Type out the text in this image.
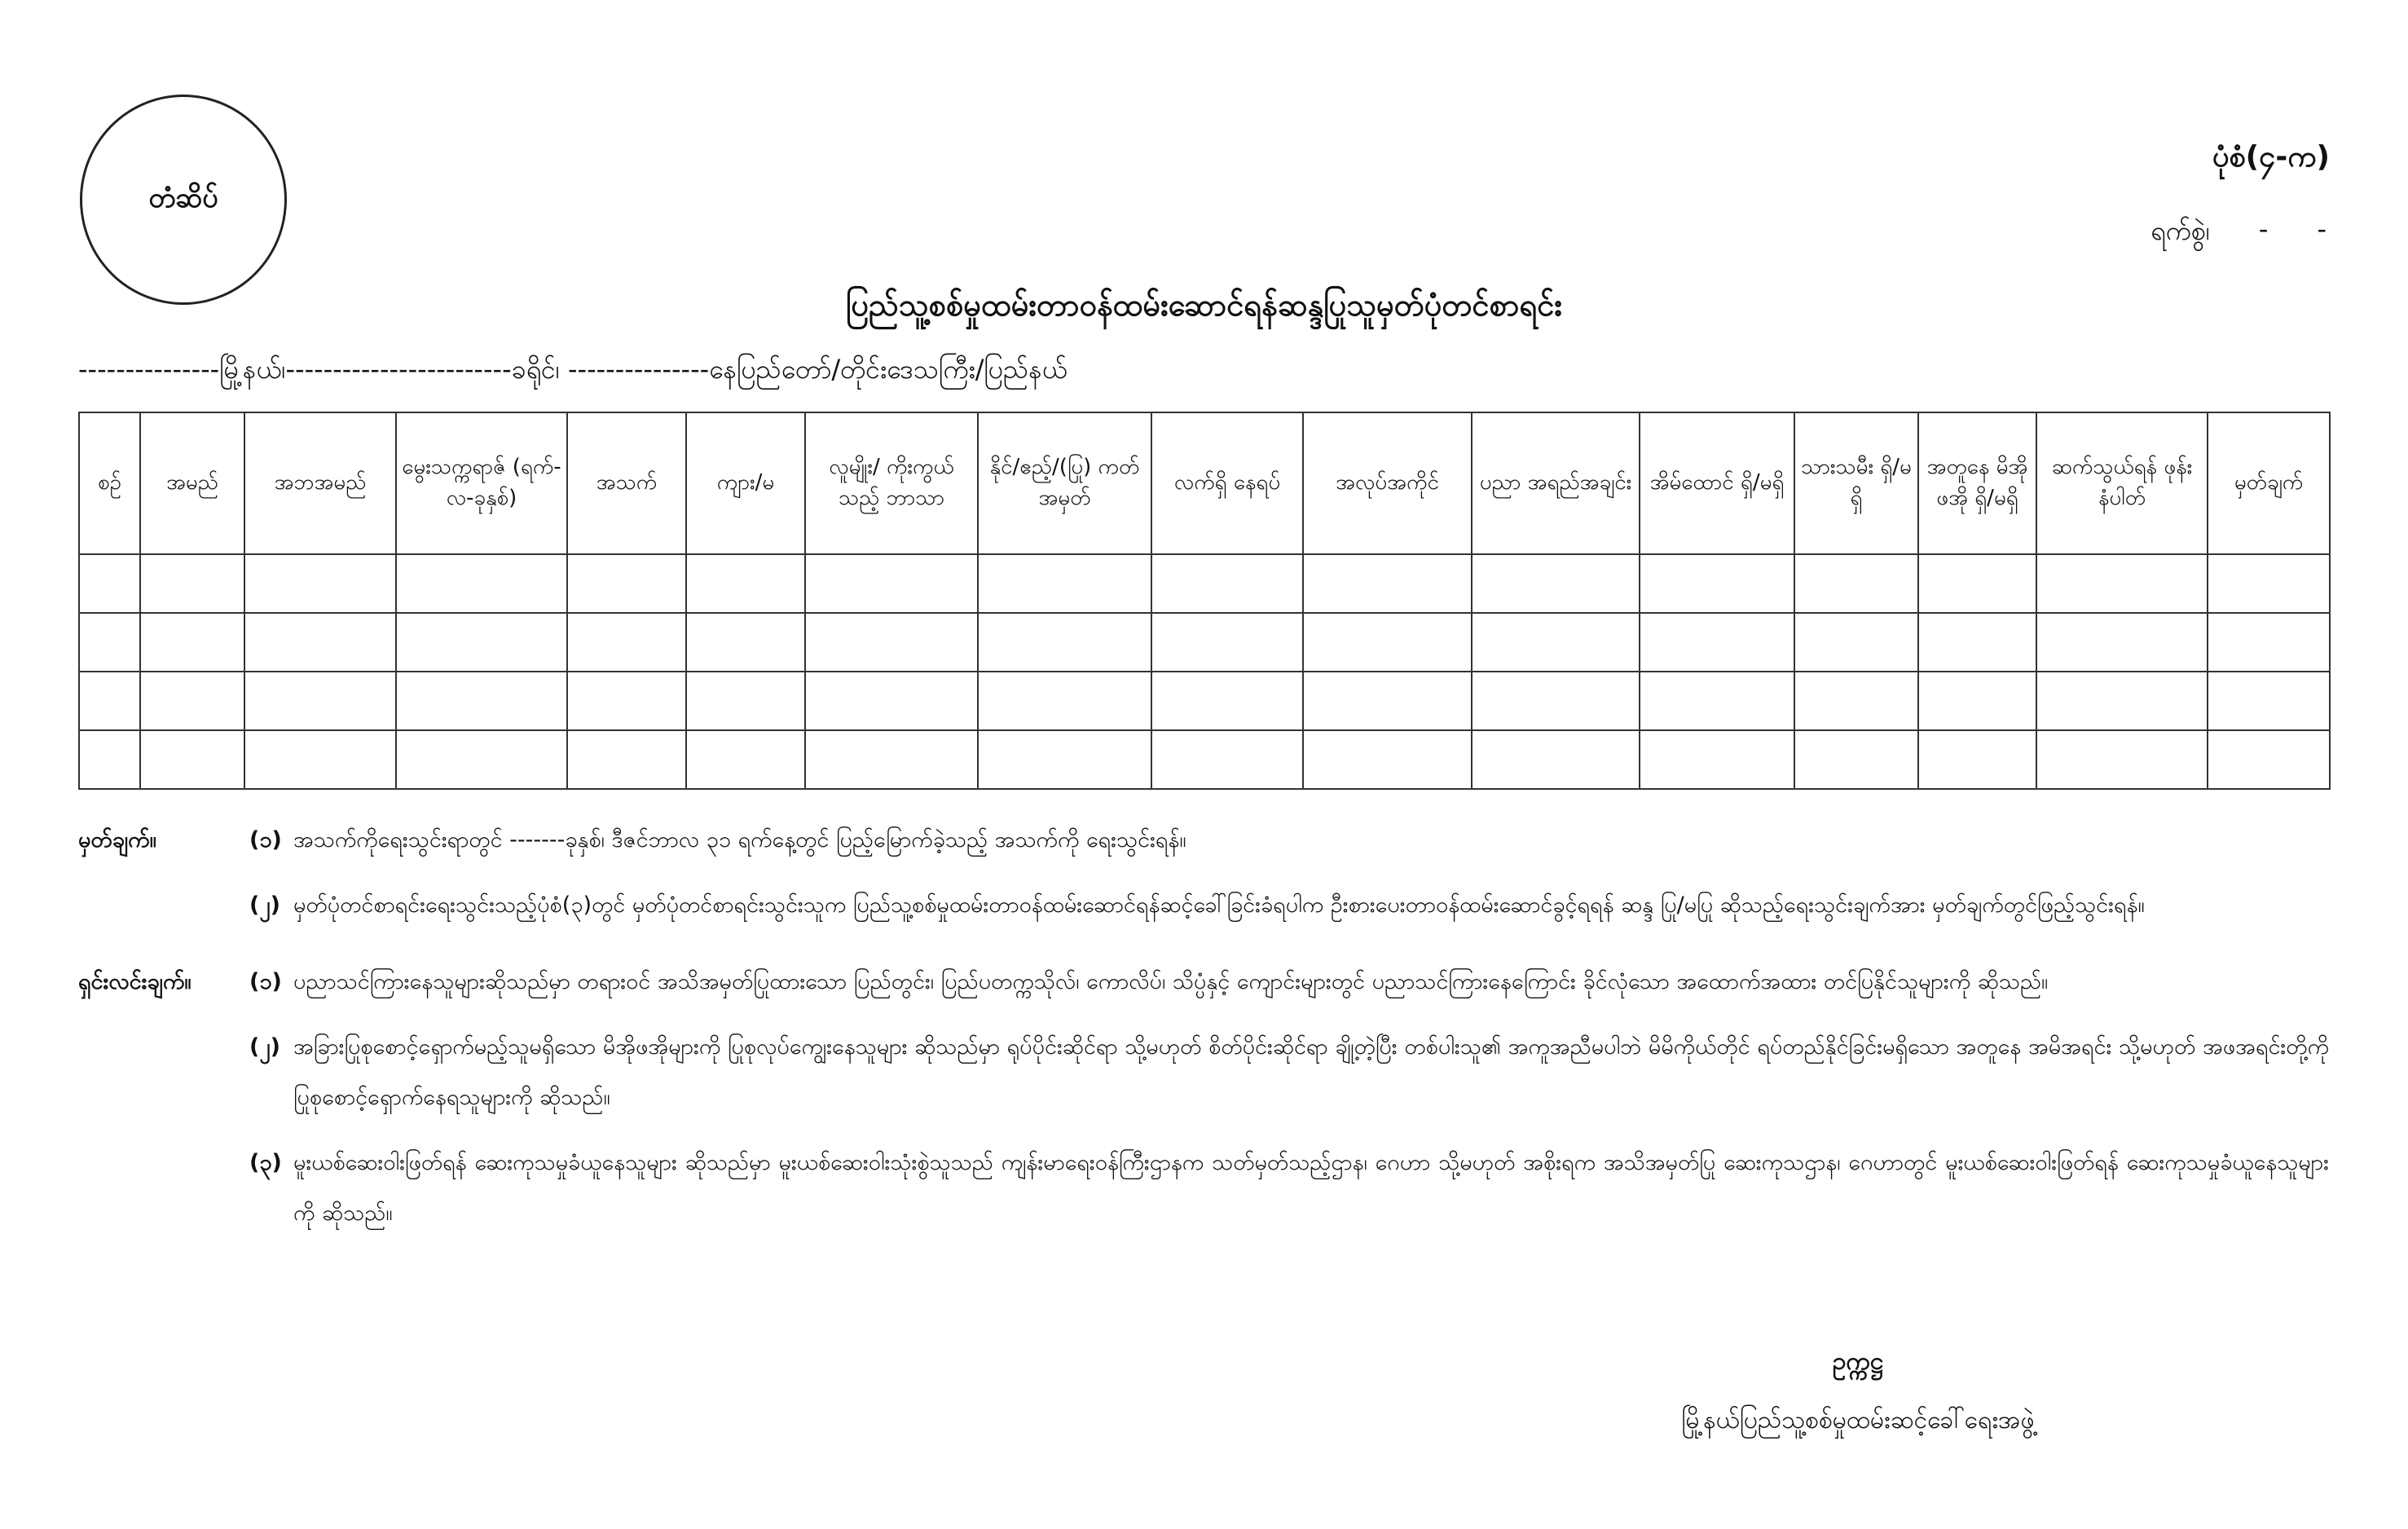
တံဆိပ်
ပုံစံ(၄-က)
ရက်စွဲ၊ - -
ပြည်သူ့စစ်မှုထမ်းတာဝန်ထမ်းဆောင်ရန်ဆန္ဒပြုသူမှတ်ပုံတင်စာရင်း
---------------မြို့နယ်၊------------------------ခရိုင်၊ ---------------နေပြည်တော်/တိုင်းဒေသကြီး/ပြည်နယ်
စဉ်	အမည်	အဘအမည်	မွေးသက္ကရာဇ် (ရက်-လ-ခုနှစ်)	အသက်	ကျား/မ	လူမျိုး/ ကိုးကွယ်သည့် ဘာသာ	နိုင်/ဧည့်/(ပြု) ကတ်အမှတ်	လက်ရှိ နေရပ်	အလုပ်အကိုင်	ပညာ အရည်အချင်း	အိမ်ထောင် ရှိ/မရှိ	သားသမီး ရှိ/မရှိ	အတူနေ မိအိုဖအို ရှိ/မရှိ	ဆက်သွယ်ရန် ဖုန်းနံပါတ်	မှတ်ချက်

မှတ်ချက်။	(၁) အသက်ကိုရေးသွင်းရာတွင် -------ခုနှစ်၊ ဒီဇင်ဘာလ ၃၁ ရက်နေ့တွင် ပြည့်မြောက်ခဲ့သည့် အသက်ကို ရေးသွင်းရန်။
(၂) မှတ်ပုံတင်စာရင်းရေးသွင်းသည့်ပုံစံ(၃)တွင် မှတ်ပုံတင်စာရင်းသွင်းသူက ပြည်သူ့စစ်မှုထမ်းတာဝန်ထမ်းဆောင်ရန်ဆင့်ခေါ်ခြင်းခံရပါက ဦးစားပေးတာဝန်ထမ်းဆောင်ခွင့်ရရန် ဆန္ဒ ပြု/မပြု ဆိုသည့်ရေးသွင်းချက်အား မှတ်ချက်တွင်ဖြည့်သွင်းရန်။
ရှင်းလင်းချက်။	(၁) ပညာသင်ကြားနေသူများဆိုသည်မှာ တရားဝင် အသိအမှတ်ပြုထားသော ပြည်တွင်း၊ ပြည်ပတက္ကသိုလ်၊ ကောလိပ်၊ သိပ္ပံနှင့် ကျောင်းများတွင် ပညာသင်ကြားနေကြောင်း ခိုင်လုံသော အထောက်အထား တင်ပြနိုင်သူများကို ဆိုသည်။
(၂) အခြားပြုစုစောင့်ရှောက်မည့်သူမရှိသော မိအိုဖအိုများကို ပြုစုလုပ်ကျွေးနေသူများ ဆိုသည်မှာ ရုပ်ပိုင်းဆိုင်ရာ သို့မဟုတ် စိတ်ပိုင်းဆိုင်ရာ ချို့တဲ့ပြီး တစ်ပါးသူ၏ အကူအညီမပါဘဲ မိမိကိုယ်တိုင် ရပ်တည်နိုင်ခြင်းမရှိသော အတူနေ အမိအရင်း သို့မဟုတ် အဖအရင်းတို့ကို ပြုစုစောင့်ရှောက်နေရသူများကို ဆိုသည်။
(၃) မူးယစ်ဆေးဝါးဖြတ်ရန် ဆေးကုသမှုခံယူနေသူများ ဆိုသည်မှာ မူးယစ်ဆေးဝါးသုံးစွဲသူသည် ကျန်းမာရေးဝန်ကြီးဌာနက သတ်မှတ်သည့်ဌာန၊ ဂေဟာ သို့မဟုတ် အစိုးရက အသိအမှတ်ပြု ဆေးကုသဌာန၊ ဂေဟာတွင် မူးယစ်ဆေးဝါးဖြတ်ရန် ဆေးကုသမှုခံယူနေသူများကို ဆိုသည်။
ဥက္ကဋ္ဌ
မြို့နယ်ပြည်သူ့စစ်မှုထမ်းဆင့်ခေါ်ရေးအဖွဲ့
